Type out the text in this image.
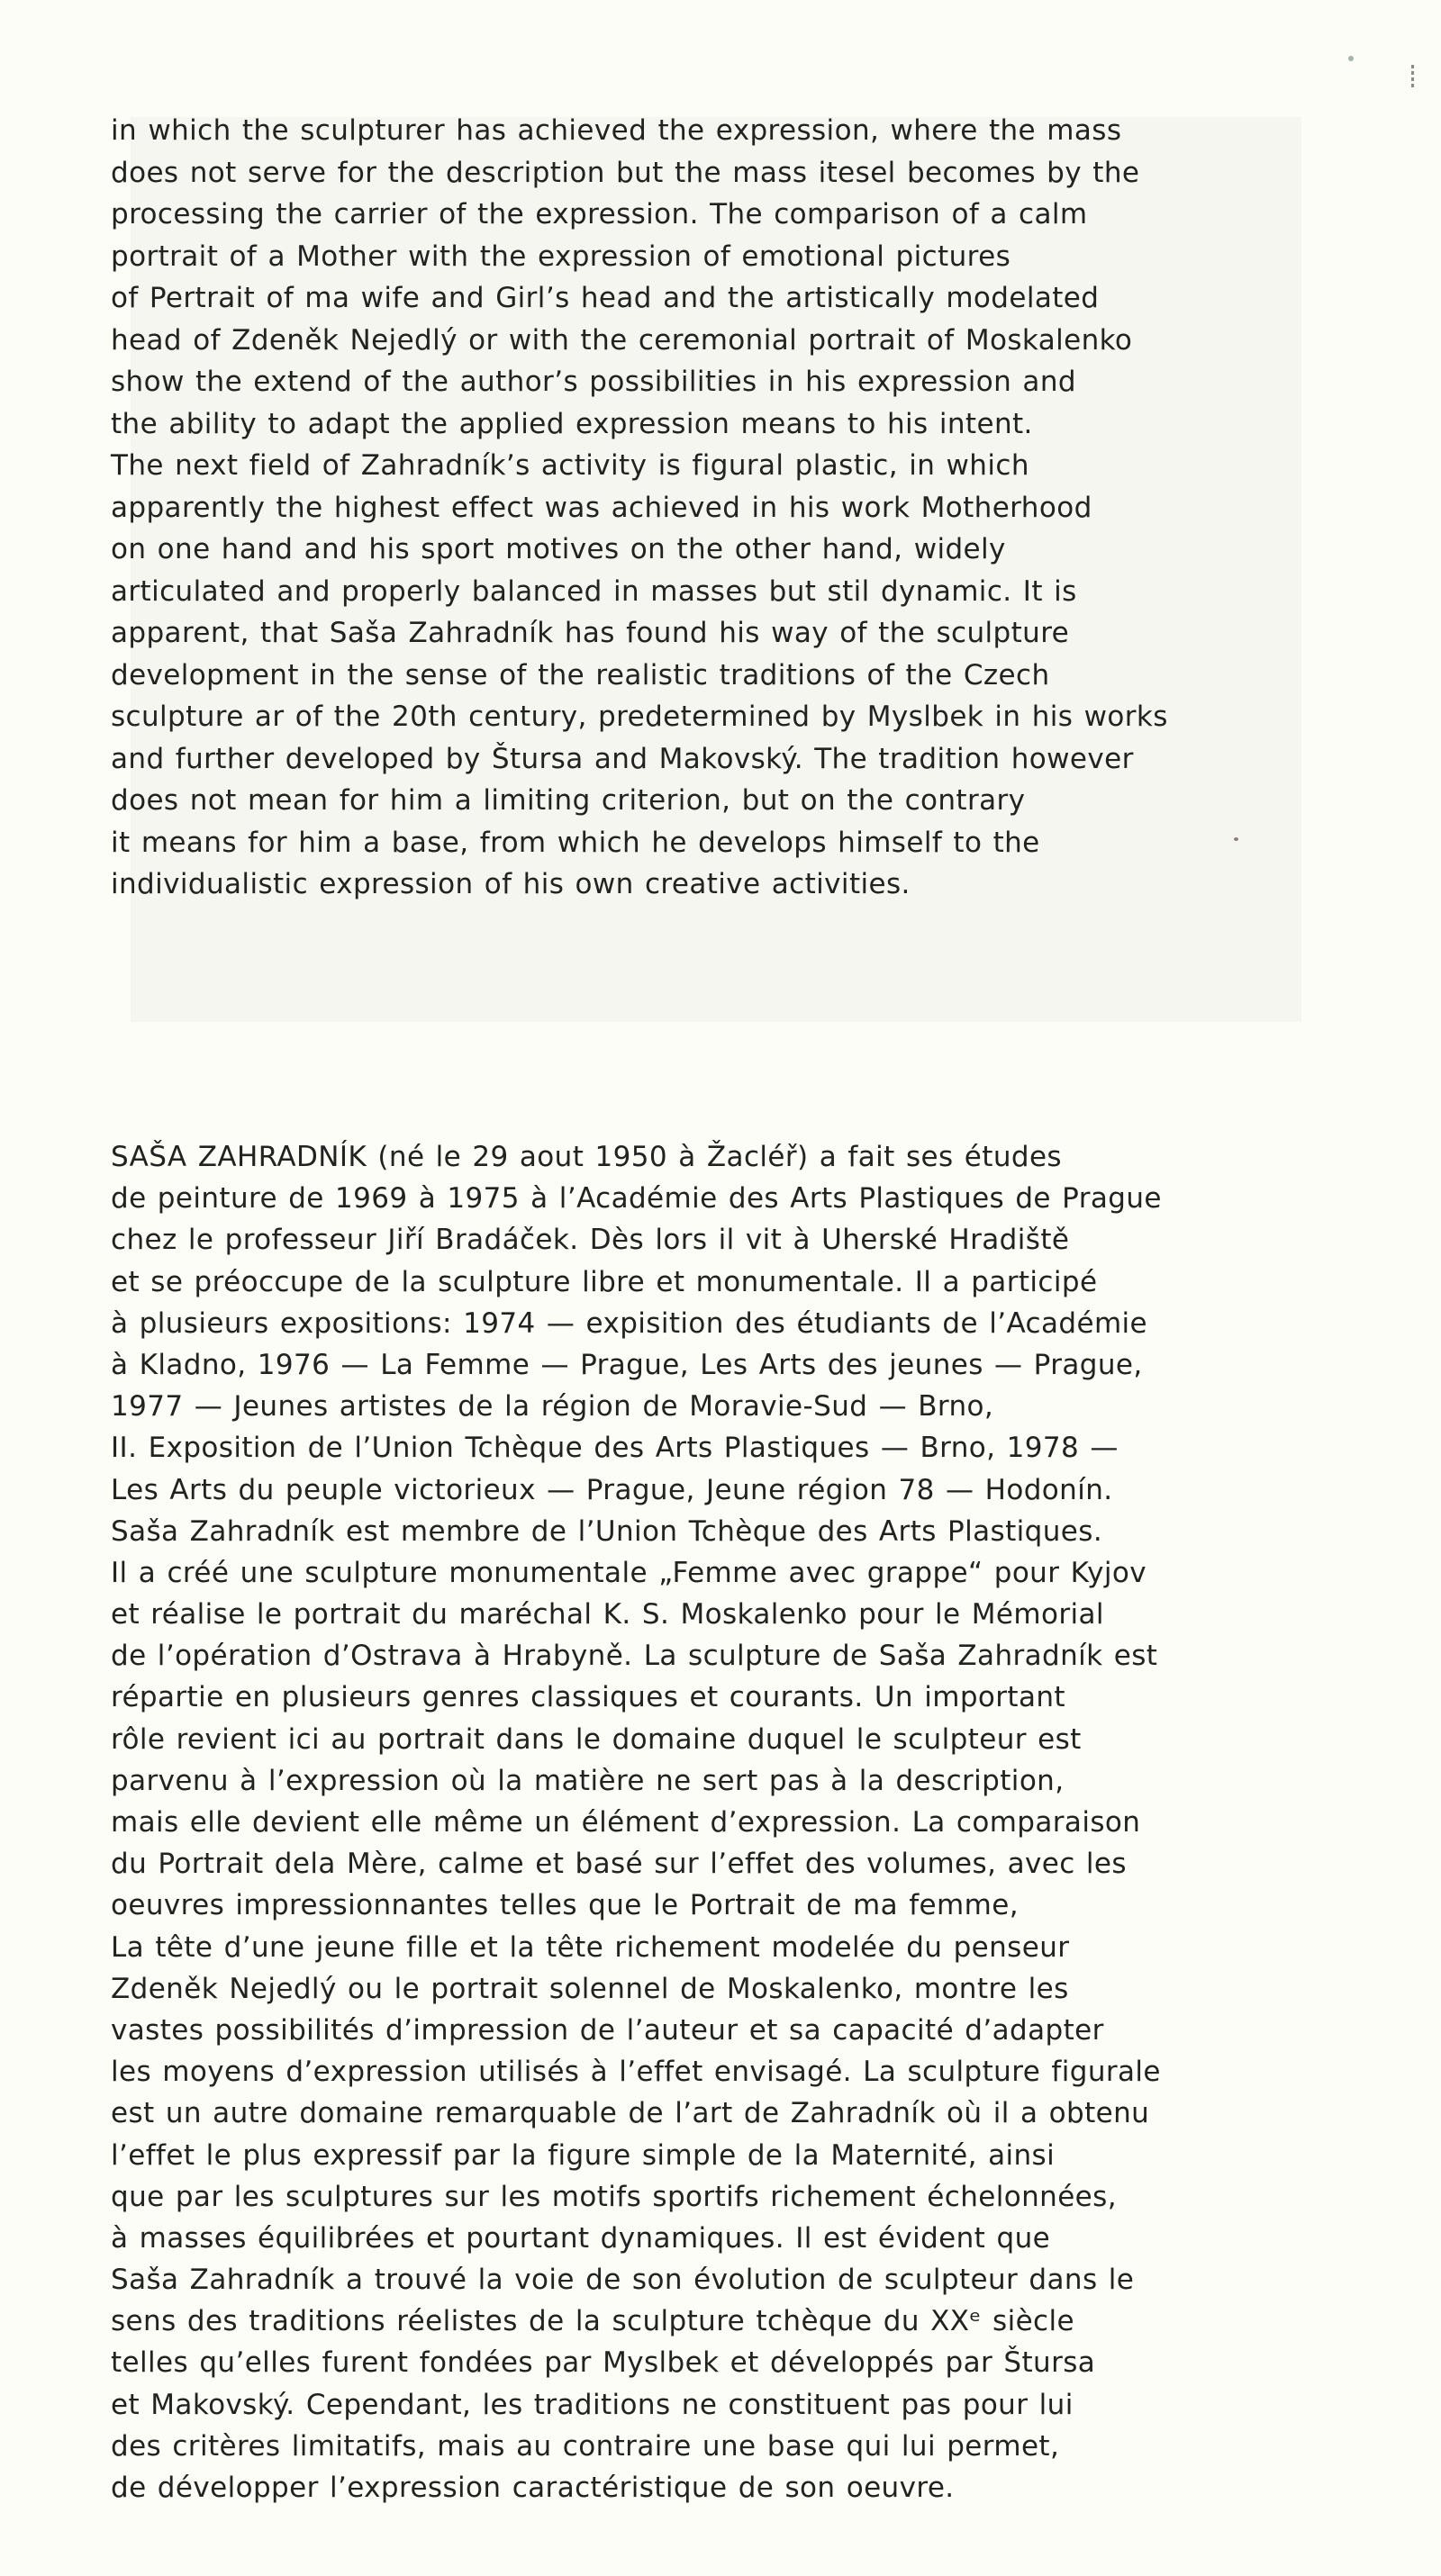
in which the sculpturer has achieved the expression, where the mass
does not serve for the description but the mass itesel becomes by the
processing the carrier of the expression. The comparison of a calm
portrait of a Mother with the expression of emotional pictures
of Pertrait of ma wife and Girl’s head and the artistically modelated
head of Zdeněk Nejedlý or with the ceremonial portrait of Moskalenko
show the extend of the author’s possibilities in his expression and
the ability to adapt the applied expression means to his intent.
The next field of Zahradník’s activity is figural plastic, in which
apparently the highest effect was achieved in his work Motherhood
on one hand and his sport motives on the other hand, widely
articulated and properly balanced in masses but stil dynamic. It is
apparent, that Saša Zahradník has found his way of the sculpture
development in the sense of the realistic traditions of the Czech
sculpture ar of the 20th century, predetermined by Myslbek in his works
and further developed by Štursa and Makovský. The tradition however
does not mean for him a limiting criterion, but on the contrary
it means for him a base, from which he develops himself to the
individualistic expression of his own creative activities.
SAŠA ZAHRADNÍK (né le 29 aout 1950 à Žacléř) a fait ses études
de peinture de 1969 à 1975 à l’Académie des Arts Plastiques de Prague
chez le professeur Jiří Bradáček. Dès lors il vit à Uherské Hradiště
et se préoccupe de la sculpture libre et monumentale. Il a participé
à plusieurs expositions: 1974 — expisition des étudiants de l’Académie
à Kladno, 1976 — La Femme — Prague, Les Arts des jeunes — Prague,
1977 — Jeunes artistes de la région de Moravie-Sud — Brno,
II. Exposition de l’Union Tchèque des Arts Plastiques — Brno, 1978 —
Les Arts du peuple victorieux — Prague, Jeune région 78 — Hodonín.
Saša Zahradník est membre de l’Union Tchèque des Arts Plastiques.
Il a créé une sculpture monumentale „Femme avec grappe“ pour Kyjov
et réalise le portrait du maréchal K. S. Moskalenko pour le Mémorial
de l’opération d’Ostrava à Hrabyně. La sculpture de Saša Zahradník est
répartie en plusieurs genres classiques et courants. Un important
rôle revient ici au portrait dans le domaine duquel le sculpteur est
parvenu à l’expression où la matière ne sert pas à la description,
mais elle devient elle même un élément d’expression. La comparaison
du Portrait dela Mère, calme et basé sur l’effet des volumes, avec les
oeuvres impressionnantes telles que le Portrait de ma femme,
La tête d’une jeune fille et la tête richement modelée du penseur
Zdeněk Nejedlý ou le portrait solennel de Moskalenko, montre les
vastes possibilités d’impression de l’auteur et sa capacité d’adapter
les moyens d’expression utilisés à l’effet envisagé. La sculpture figurale
est un autre domaine remarquable de l’art de Zahradník où il a obtenu
l’effet le plus expressif par la figure simple de la Maternité, ainsi
que par les sculptures sur les motifs sportifs richement échelonnées,
à masses équilibrées et pourtant dynamiques. Il est évident que
Saša Zahradník a trouvé la voie de son évolution de sculpteur dans le
sens des traditions réelistes de la sculpture tchèque du XXᵉ siècle
telles qu’elles furent fondées par Myslbek et développés par Štursa
et Makovský. Cependant, les traditions ne constituent pas pour lui
des critères limitatifs, mais au contraire une base qui lui permet,
de développer l’expression caractéristique de son oeuvre.
